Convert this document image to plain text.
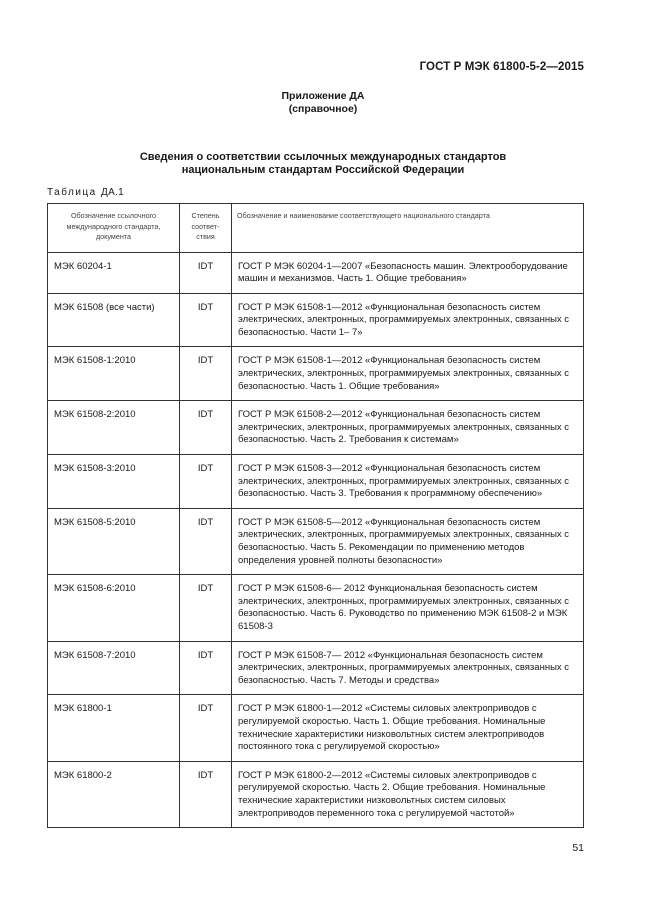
ГОСТ Р МЭК 61800-5-2—2015
Приложение ДА
(справочное)
Сведения о соответствии ссылочных международных стандартов
национальным стандартам Российской Федерации
Таблица ДА.1
Обозначение ссылочного международного стандарта, документа	Степень соответ- ствия	Обозначение и наименование соответствующего национального стандарта
МЭК 60204-1	IDT	ГОСТ Р МЭК 60204-1—2007 «Безопасность машин. Электрооборудование машин и механизмов. Часть 1. Общие требования»
МЭК 61508 (все части)	IDT	ГОСТ Р МЭК 61508-1—2012 «Функциональная безопасность систем электрических, электронных, программируемых электронных, связанных с безопасностью. Части 1– 7»
МЭК 61508-1:2010	IDT	ГОСТ Р МЭК 61508-1—2012 «Функциональная безопасность систем электрических, электронных, программируемых электронных, связанных с безопасностью. Часть 1. Общие требования»
МЭК 61508-2:2010	IDT	ГОСТ Р МЭК 61508-2—2012 «Функциональная безопасность систем электрических, электронных, программируемых электронных, связанных с безопасностью. Часть 2. Требования к системам»
МЭК 61508-3:2010	IDT	ГОСТ Р МЭК 61508-3—2012 «Функциональная безопасность систем электрических, электронных, программируемых электронных, связанных с безопасностью. Часть 3. Требования к программному обеспечению»
МЭК 61508-5:2010	IDT	ГОСТ Р МЭК 61508-5—2012 «Функциональная безопасность систем электрических, электронных, программируемых электронных, связанных с безопасностью. Часть 5. Рекомендации по применению методов определения уровней полноты безопасности»
МЭК 61508-6:2010	IDT	ГОСТ Р МЭК 61508-6— 2012 Функциональная безопасность систем электрических, электронных, программируемых электронных, связанных с безопасностью. Часть 6. Руководство по применению МЭК 61508-2 и МЭК 61508-3
МЭК 61508-7:2010	IDT	ГОСТ Р МЭК 61508-7— 2012 «Функциональная безопасность систем электрических, электронных, программируемых электронных, связанных с безопасностью. Часть 7. Методы и средства»
МЭК 61800-1	IDT	ГОСТ Р МЭК 61800-1—2012 «Системы силовых электроприводов с регулируемой скоростью. Часть 1. Общие требования. Номинальные технические характеристики низковольтных систем электроприводов постоянного тока с регулируемой скоростью»
МЭК 61800-2	IDT	ГОСТ Р МЭК 61800-2—2012 «Системы силовых электроприводов с регулируемой скоростью. Часть 2. Общие требования. Номинальные технические характеристики низковольтных систем силовых электроприводов переменного тока с регулируемой частотой»
51
